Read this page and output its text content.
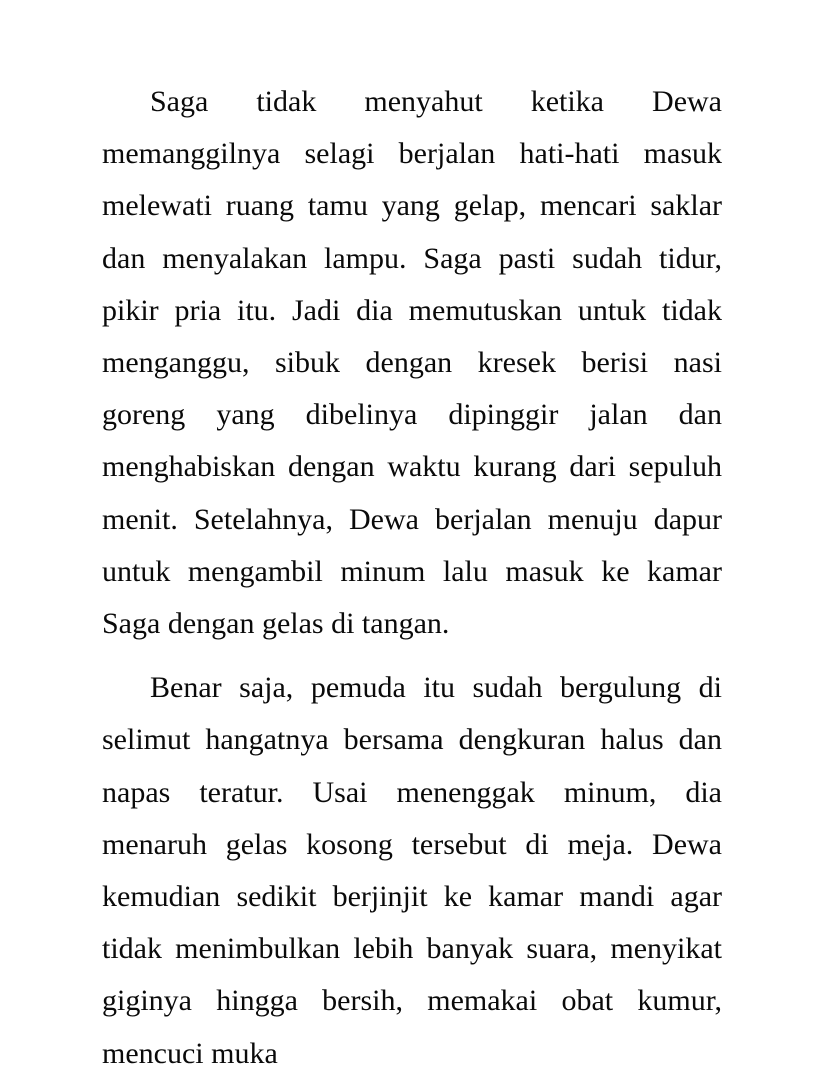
Saga tidak menyahut ketika Dewa memanggilnya selagi berjalan hati-hati masuk melewati ruang tamu yang gelap, mencari saklar dan menyalakan lampu. Saga pasti sudah tidur, pikir pria itu. Jadi dia memutuskan untuk tidak menganggu, sibuk dengan kresek berisi nasi goreng yang dibelinya dipinggir jalan dan menghabiskan dengan waktu kurang dari sepuluh menit. Setelahnya, Dewa berjalan menuju dapur untuk mengambil minum lalu masuk ke kamar Saga dengan gelas di tangan.

Benar saja, pemuda itu sudah bergulung di selimut hangatnya bersama dengkuran halus dan napas teratur. Usai menenggak minum, dia menaruh gelas kosong tersebut di meja. Dewa kemudian sedikit berjinjit ke kamar mandi agar tidak menimbulkan lebih banyak suara, menyikat giginya hingga bersih, memakai obat kumur, mencuci muka
